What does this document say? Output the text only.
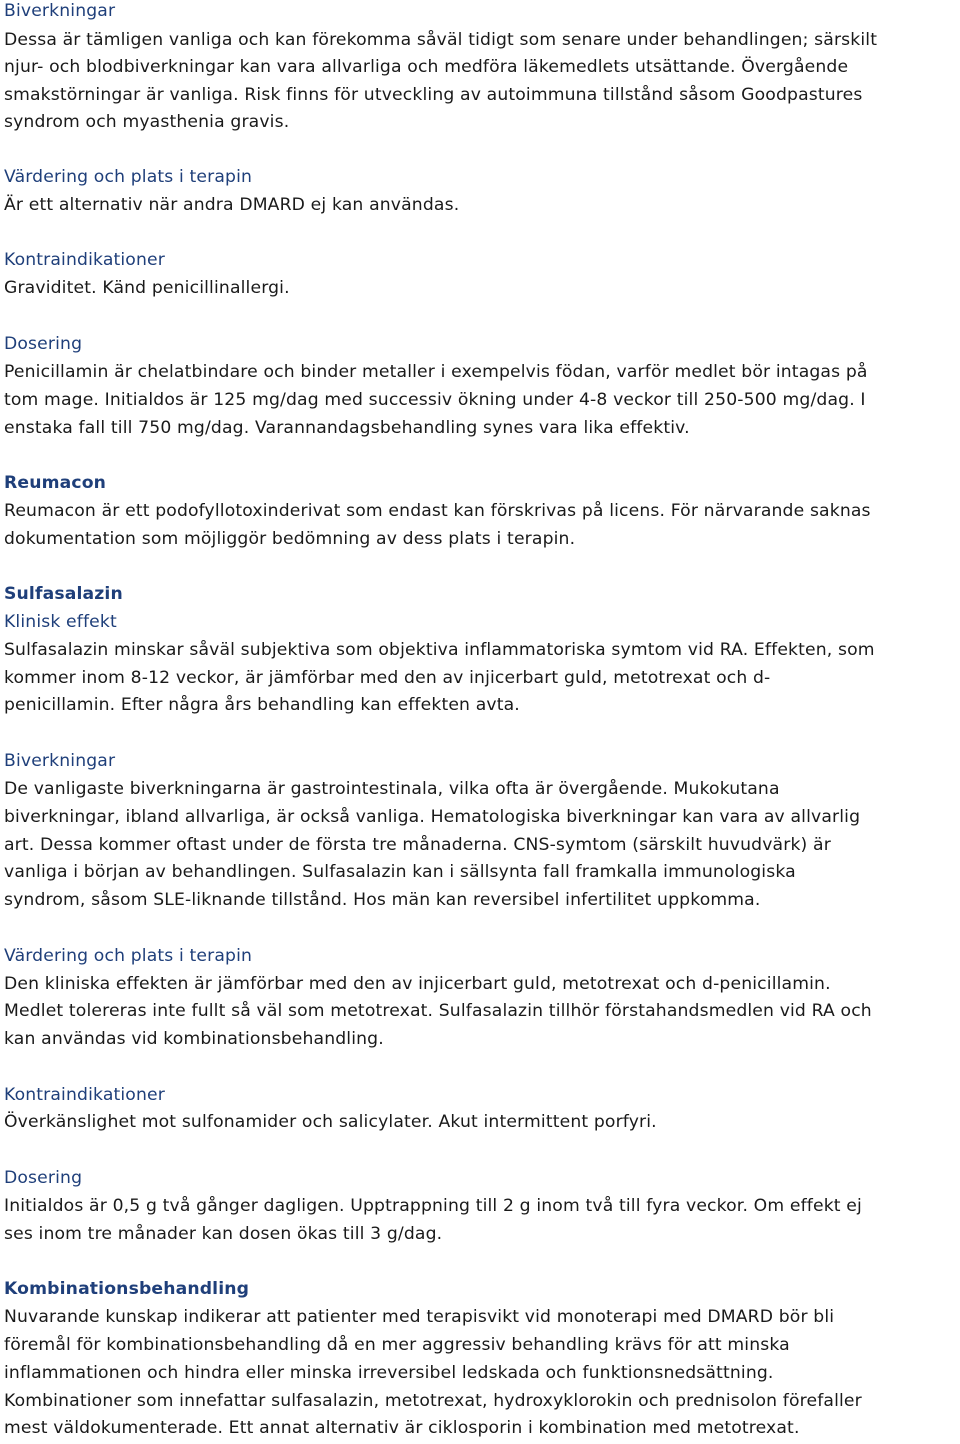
Biverkningar
Dessa är tämligen vanliga och kan förekomma såväl tidigt som senare under behandlingen; särskilt
njur- och blodbiverkningar kan vara allvarliga och medföra läkemedlets utsättande. Övergående
smakstörningar är vanliga. Risk finns för utveckling av autoimmuna tillstånd såsom Goodpastures
syndrom och myasthenia gravis.
Värdering och plats i terapin
Är ett alternativ när andra DMARD ej kan användas.
Kontraindikationer
Graviditet. Känd penicillinallergi.
Dosering
Penicillamin är chelatbindare och binder metaller i exempelvis födan, varför medlet bör intagas på
tom mage. Initialdos är 125 mg/dag med successiv ökning under 4-8 veckor till 250-500 mg/dag. I
enstaka fall till 750 mg/dag. Varannandagsbehandling synes vara lika effektiv.
Reumacon
Reumacon är ett podofyllotoxinderivat som endast kan förskrivas på licens. För närvarande saknas
dokumentation som möjliggör bedömning av dess plats i terapin.
Sulfasalazin
Klinisk effekt
Sulfasalazin minskar såväl subjektiva som objektiva inflammatoriska symtom vid RA. Effekten, som
kommer inom 8-12 veckor, är jämförbar med den av injicerbart guld, metotrexat och d-
penicillamin. Efter några års behandling kan effekten avta.
Biverkningar
De vanligaste biverkningarna är gastrointestinala, vilka ofta är övergående. Mukokutana
biverkningar, ibland allvarliga, är också vanliga. Hematologiska biverkningar kan vara av allvarlig
art. Dessa kommer oftast under de första tre månaderna. CNS-symtom (särskilt huvudvärk) är
vanliga i början av behandlingen. Sulfasalazin kan i sällsynta fall framkalla immunologiska
syndrom, såsom SLE-liknande tillstånd. Hos män kan reversibel infertilitet uppkomma.
Värdering och plats i terapin
Den kliniska effekten är jämförbar med den av injicerbart guld, metotrexat och d-penicillamin.
Medlet tolereras inte fullt så väl som metotrexat. Sulfasalazin tillhör förstahandsmedlen vid RA och
kan användas vid kombinationsbehandling.
Kontraindikationer
Överkänslighet mot sulfonamider och salicylater. Akut intermittent porfyri.
Dosering
Initialdos är 0,5 g två gånger dagligen. Upptrappning till 2 g inom två till fyra veckor. Om effekt ej
ses inom tre månader kan dosen ökas till 3 g/dag.
Kombinationsbehandling
Nuvarande kunskap indikerar att patienter med terapisvikt vid monoterapi med DMARD bör bli
föremål för kombinationsbehandling då en mer aggressiv behandling krävs för att minska
inflammationen och hindra eller minska irreversibel ledskada och funktionsnedsättning.
Kombinationer som innefattar sulfasalazin, metotrexat, hydroxyklorokin och prednisolon förefaller
mest väldokumenterade. Ett annat alternativ är ciklosporin i kombination med metotrexat.
